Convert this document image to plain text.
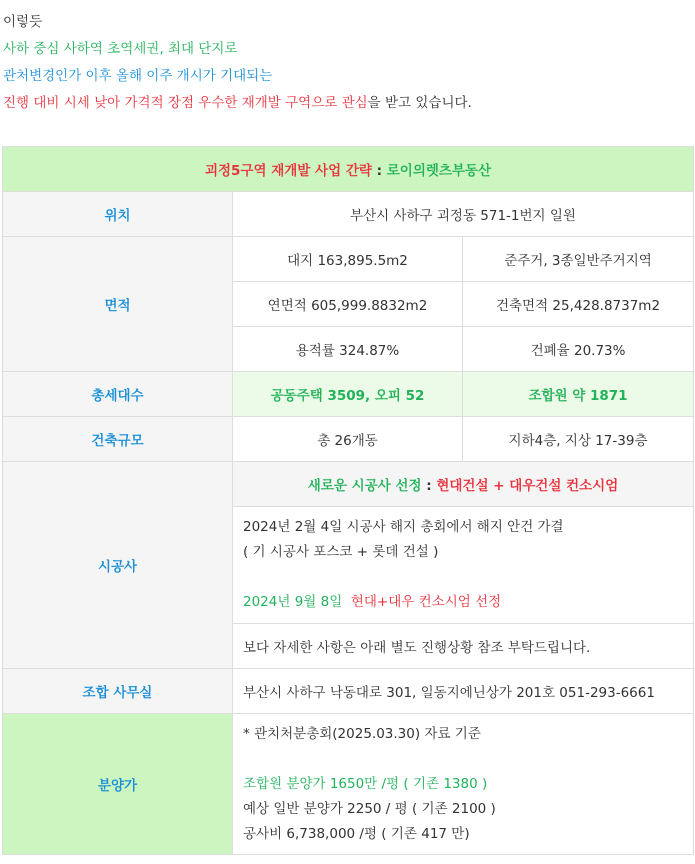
이렇듯

사하 중심 사하역 초역세권, 최대 단지로

관처변경인가 이후 올해 이주 개시가 기대되는

진행 대비 시세 낮아 가격적 장점 우수한 재개발 구역으로 관심을 받고 있습니다.

괴정5구역 재개발 사업 간략 : 로이의렛츠부동산		
위치	부산시 사하구 괴정동 571-1번지 일원	
면적	대지 163,895.5m2	준주거, 3종일반주거지역
	연면적 605,999.8832m2	건축면적 25,428.8737m2
	용적률 324.87%	건폐율 20.73%
총세대수	공동주택 3509, 오피 52	조합원 약 1871
건축규모	총 26개동	지하4층, 지상 17-39층
시공사	새로운 시공사 선정 : 현대건설 + 대우건설 컨소시엄	

	2024년 2월 4일 시공사 해지 총회에서 해지 안건 가결
( 기 시공사 포스코 + 롯데 건설 )
2024년 9월 8일 현대+대우 컨소시엄 선정	

	보다 자세한 사항은 아래 별도 진행상황 참조 부탁드립니다.	
조합 사무실	부산시 사하구 낙동대로 301, 일동지에닌상가 201호 051-293-6661	
분양가	* 관치처분총회(2025.03.30) 자료 기준
조합원 분양가 1650만 /평 ( 기존 1380 )
예상 일반 분양가 2250 / 평 ( 기존 2100 )
공사비 6,738,000 /평 ( 기존 417 만)	
